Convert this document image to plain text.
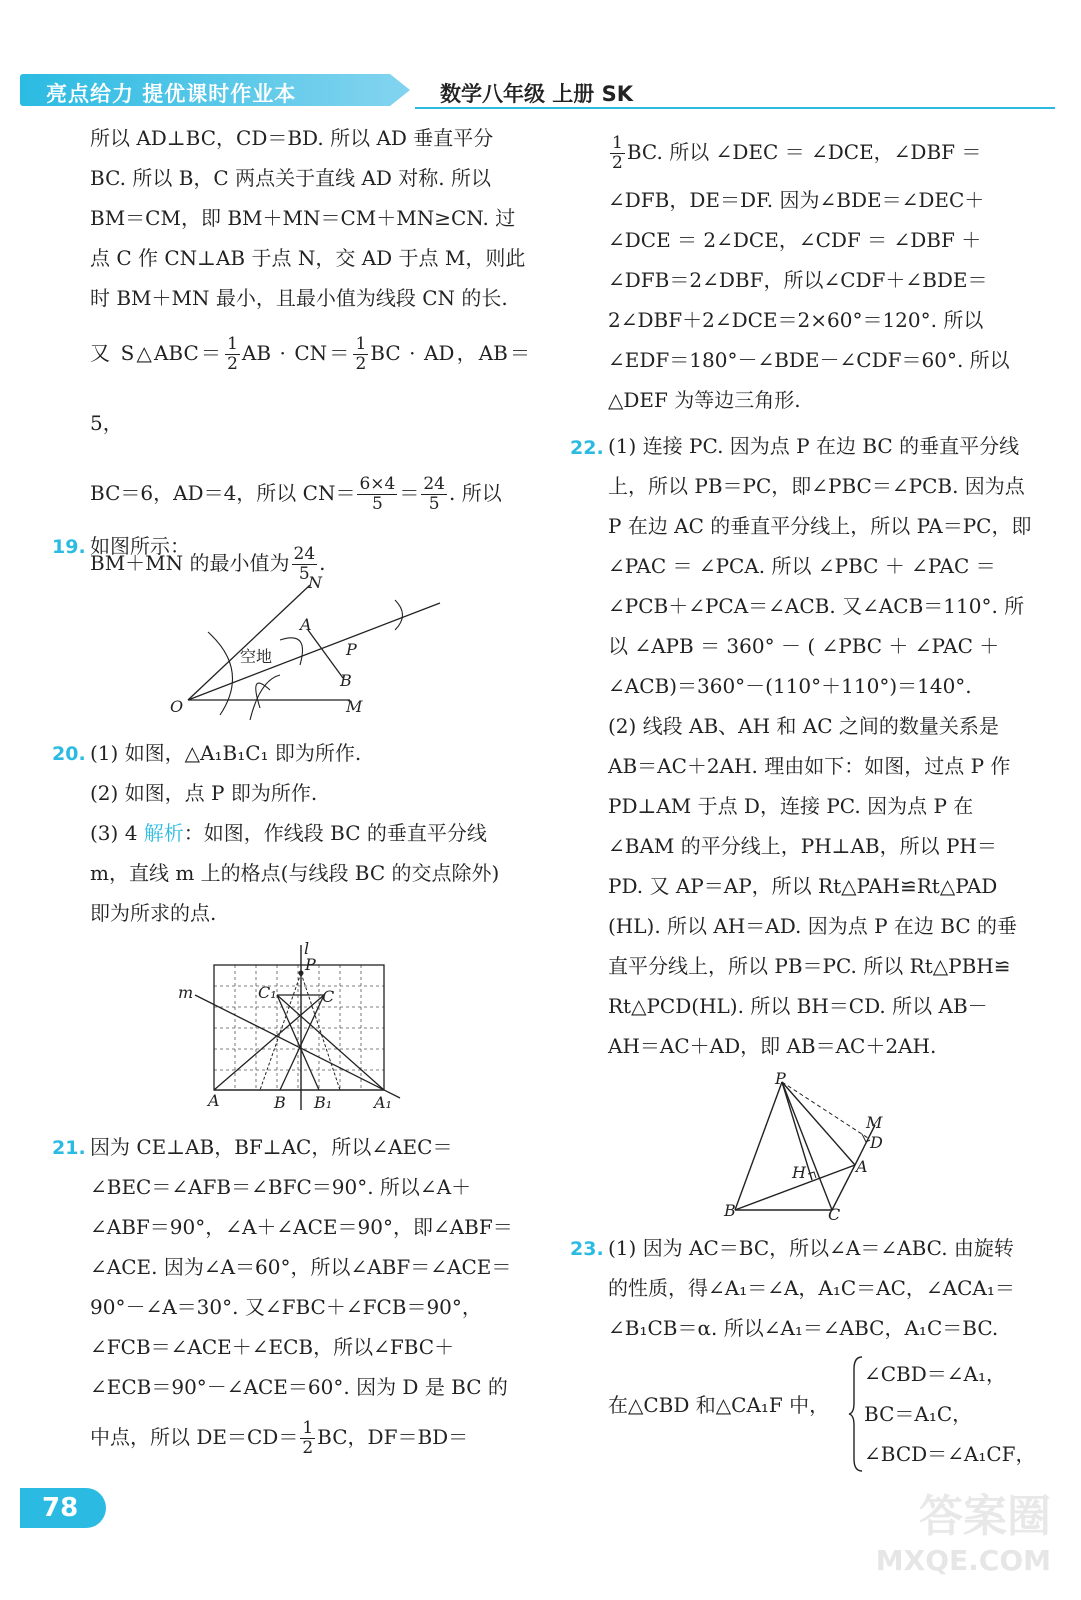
亮点给力 提优课时作业本	数学八年级 上册 SK

所以 AD⊥BC，CD＝BD. 所以 AD 垂直平分

BC. 所以 B，C 两点关于直线 AD 对称. 所以

BM＝CM，即 BM＋MN＝CM＋MN≥CN. 过

点 C 作 CN⊥AB 于点 N，交 AD 于点 M，则此

时 BM＋MN 最小，且最小值为线段 CN 的长.

又 S△ABC＝ $\frac{1}{2}$ AB · $CN= \frac{1}{2}$ BC · AD，AB＝5，

BC＝6，AD＝4，所以 $CN= \frac{6\times 4}{5} = \frac{24}{5}$ . 所以

BM＋MN 的最小值为 $\frac{24}{5}$ .

19. 如图所示：

N
A
P
B
O	M
空地
20. (1) 如图，△A₁B₁C₁ 即为所作.

(2) 如图，点 P 即为所作.

(3) 4 解析：如图，作线段 BC 的垂直平分线

m，直线 m 上的格点(与线段 BC 的交点除外)

即为所求的点.

P
l
m	C₁	C
A	B B₁	A₁
21. 因为 CE⊥AB，BF⊥AC，所以∠AEC＝

∠BEC＝∠AFB＝∠BFC＝90°. 所以∠A＋

∠ABF＝90°，∠A＋∠ACE＝90°，即∠ABF＝

∠ACE. 因为∠A＝60°，所以∠ABF＝∠ACE＝

90°－∠A＝30°. 又∠FBC＋∠FCB＝90°，

∠FCB＝∠ACE＋∠ECB，所以∠FBC＋

∠ECB＝90°－∠ACE＝60°. 因为 D 是 BC 的

中点，所以 $DE=CD= \frac{1}{2}$ BC，DF＝BD＝

$\frac{1}{2}$ BC. 所以 ∠DEC ＝ ∠DCE，∠DBF ＝

∠DFB，DE＝DF. 因为∠BDE＝∠DEC＋

∠DCE ＝ 2∠DCE，∠CDF ＝ ∠DBF ＋

∠DFB＝2∠DBF，所以∠CDF＋∠BDE＝

2∠DBF＋2∠DCE＝2×60°＝120°. 所以

∠EDF＝180°－∠BDE－∠CDF＝60°. 所以

△DEF 为等边三角形.

22. (1) 连接 PC. 因为点 P 在边 BC 的垂直平分线

上，所以 PB＝PC，即∠PBC＝∠PCB. 因为点

P 在边 AC 的垂直平分线上，所以 PA＝PC，即

∠PAC ＝ ∠PCA. 所以 ∠PBC ＋ ∠PAC ＝

∠PCB＋∠PCA＝∠ACB. 又∠ACB＝110°. 所

以 ∠APB ＝ 360° － ( ∠PBC ＋ ∠PAC ＋

∠ACB)＝360°－(110°＋110°)＝140°.

(2) 线段 AB、AH 和 AC 之间的数量关系是

AB＝AC＋2AH. 理由如下：如图，过点 P 作

PD⊥AM 于点 D，连接 PC. 因为点 P 在

∠BAM 的平分线上，PH⊥AB，所以 PH＝

PD. 又 AP＝AP，所以 Rt△PAH≌Rt△PAD

(HL). 所以 AH＝AD. 因为点 P 在边 BC 的垂

直平分线上，所以 PB＝PC. 所以 Rt△PBH≌

Rt△PCD(HL). 所以 BH＝CD. 所以 AB－

AH＝AC＋AD，即 AB＝AC＋2AH.

P
M
D
A
H
B	C
23. (1) 因为 AC＝BC，所以∠A＝∠ABC. 由旋转

的性质，得∠A₁＝∠A，A₁C＝AC，∠ACA₁＝

∠B₁CB＝α. 所以∠A₁＝∠ABC，A₁C＝BC.

在△CBD 和△CA₁F 中，
∠CBD＝∠A₁，
BC＝A₁C，
∠BCD＝∠A₁CF，
78	答案圈
MXQE.COM
